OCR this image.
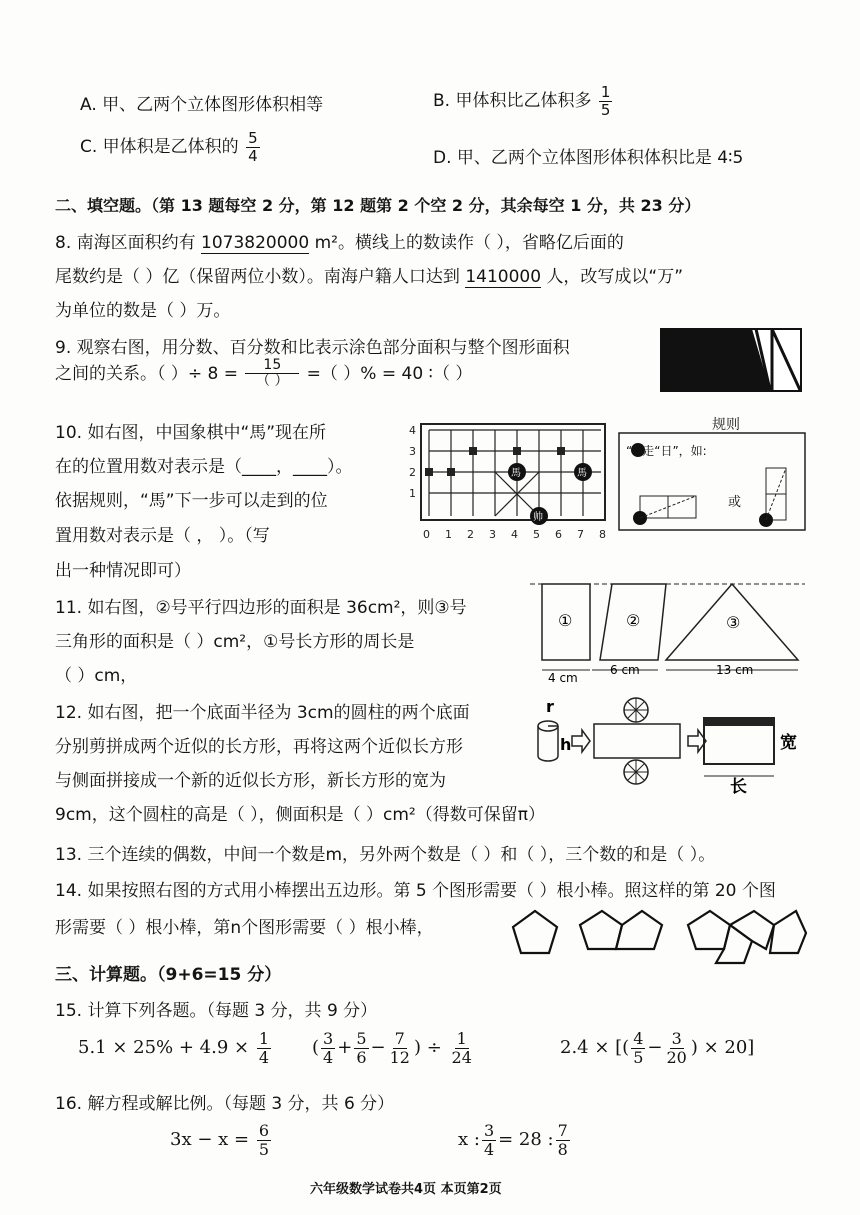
A. 甲、乙两个立体图形体积相等	B. 甲体积比乙体积多 $\frac{1}{5}$
C. 甲体积是乙体积的 $\frac{5}{4}$	D. 甲、乙两个立体图形体积体积比是 4∶5
二、填空题。（第 13 题每空 2 分，第 12 题第 2 个空 2 分，其余每空 1 分，共 23 分）
8. 南海区面积约有 1073820000 m²。横线上的数读作（ ），省略亿后面的
尾数约是（ ）亿（保留两位小数）。南海户籍人口达到 1410000 人，改写成以“万”
为单位的数是（ ）万。
9. 观察右图，用分数、百分数和比表示涂色部分面积与整个图形面积
之间的关系。（ ）÷ $8 = \frac{15}{( )}$ =（ ）% = 40 ∶（ ）
10. 如右图，中国象棋中“馬”现在所
在的位置用数对表示是（____，____）。
依据规则，“馬”下一步可以走到的位
置用数对表示是（ ， ）。（写
出一种情况即可）
4
3
2
1
0 1 2 3 4 5 6 7 8
馬	馬
帅
规则
“ ”走“日”，如:
或
11. 如右图，②号平行四边形的面积是 36cm²，则③号
三角形的面积是（ ）cm²，①号长方形的周长是
（ ）cm，
①	②	③
4 cm
6 cm	13 cm
12. 如右图，把一个底面半径为 3cm的圆柱的两个底面
分别剪拼成两个近似的长方形，再将这两个近似长方形
与侧面拼接成一个新的近似长方形，新长方形的宽为
9cm，这个圆柱的高是（ ），侧面积是（ ）cm²（得数可保留π）
r
h	宽
长
13. 三个连续的偶数，中间一个数是m，另外两个数是（ ）和（ ），三个数的和是（ ）。
14. 如果按照右图的方式用小棒摆出五边形。第 5 个图形需要（ ）根小棒。照这样的第 20 个图
形需要（ ）根小棒，第n个图形需要（ ）根小棒，
三、计算题。（9+6=15 分）
15. 计算下列各题。（每题 3 分，共 9 分）
$5.1 \times 25\% + 4.9 \times \frac{1}{4}$ ( $\frac{3}{4} + \frac{5}{6} - \frac{7}{12}$ ) ÷ $\frac{1}{24}$	2.4 × [( $\frac{4}{5} - \frac{3}{20}$ ) × 20]
16. 解方程或解比例。（每题 3 分，共 6 分）
$3x - x = \frac{6}{5}$	x : $\frac{3}{4} = 28$ : $\frac{7}{8}$
六年级数学试卷共4页 本页第2页
